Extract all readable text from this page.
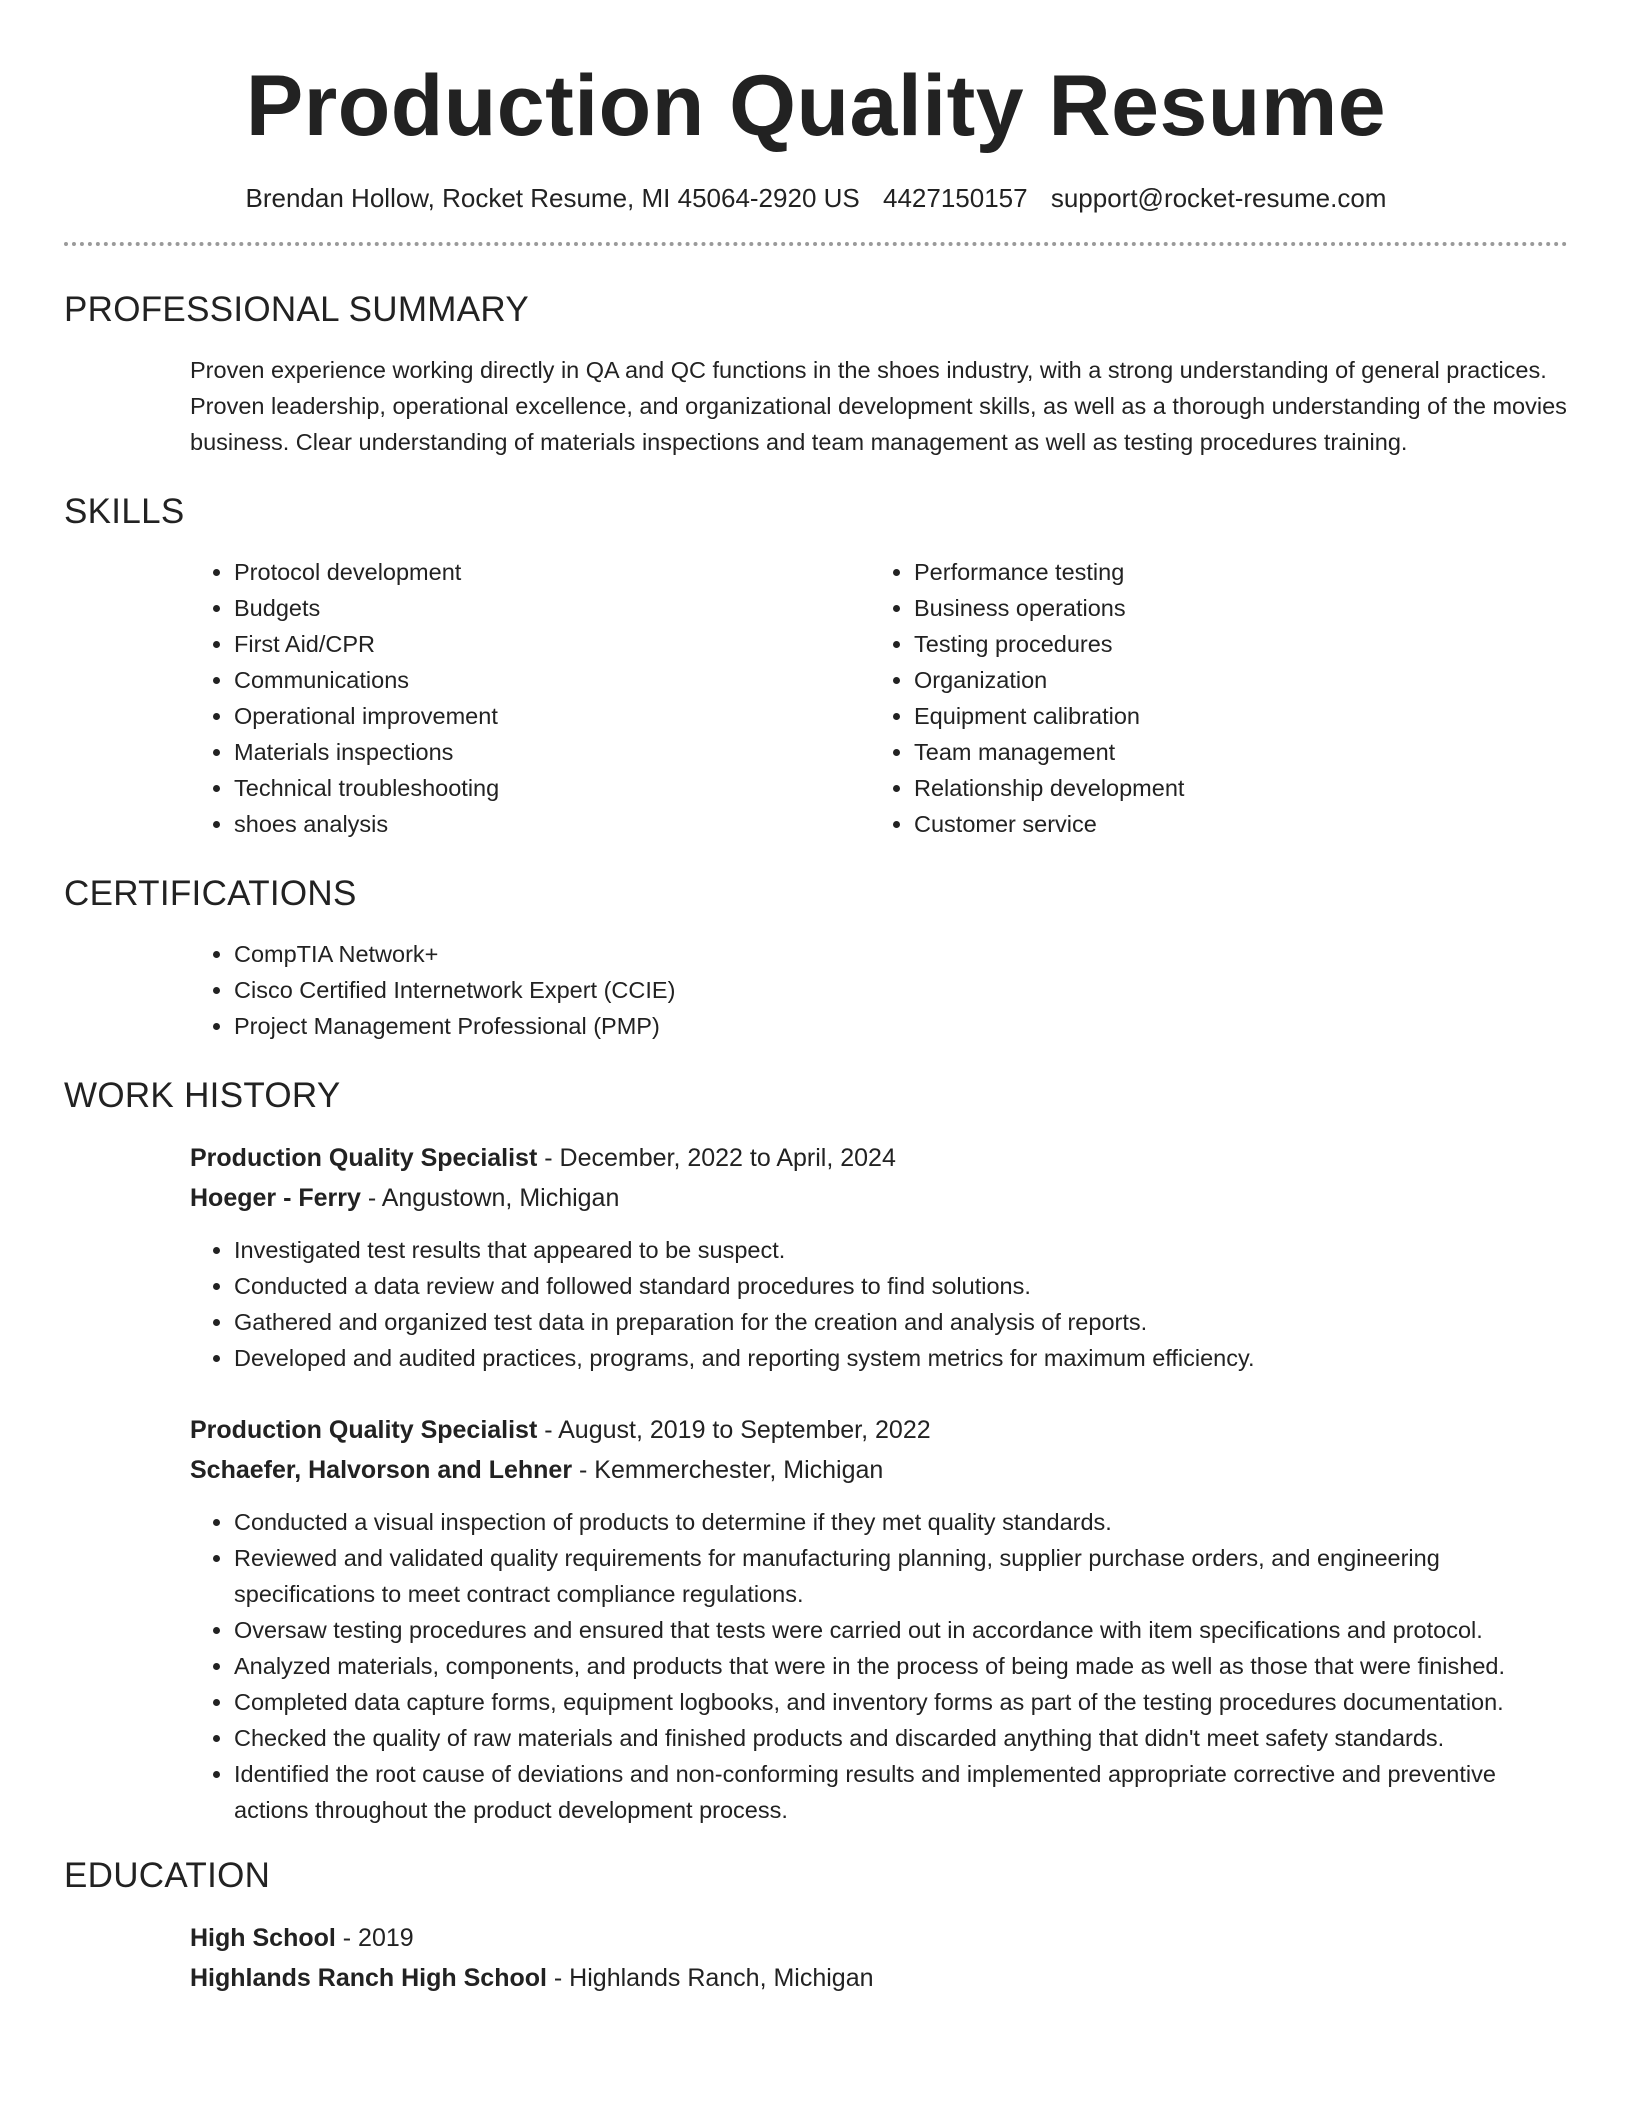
Production Quality Resume
Brendan Hollow, Rocket Resume, MI 45064-2920 US 4427150157 support@rocket-resume.com
PROFESSIONAL SUMMARY
Proven experience working directly in QA and QC functions in the shoes industry, with a strong understanding of general practices. Proven leadership, operational excellence, and organizational development skills, as well as a thorough understanding of the movies business. Clear understanding of materials inspections and team management as well as testing procedures training.
SKILLS
• Protocol development
• Budgets
• First Aid/CPR
• Communications
• Operational improvement
• Materials inspections
• Technical troubleshooting
• shoes analysis
• Performance testing
• Business operations
• Testing procedures
• Organization
• Equipment calibration
• Team management
• Relationship development
• Customer service
CERTIFICATIONS
• CompTIA Network+
• Cisco Certified Internetwork Expert (CCIE)
• Project Management Professional (PMP)
WORK HISTORY
Production Quality Specialist - December, 2022 to April, 2024
Hoeger - Ferry - Angustown, Michigan
• Investigated test results that appeared to be suspect.
• Conducted a data review and followed standard procedures to find solutions.
• Gathered and organized test data in preparation for the creation and analysis of reports.
• Developed and audited practices, programs, and reporting system metrics for maximum efficiency.
Production Quality Specialist - August, 2019 to September, 2022
Schaefer, Halvorson and Lehner - Kemmerchester, Michigan
• Conducted a visual inspection of products to determine if they met quality standards.
• Reviewed and validated quality requirements for manufacturing planning, supplier purchase orders, and engineering specifications to meet contract compliance regulations.
• Oversaw testing procedures and ensured that tests were carried out in accordance with item specifications and protocol.
• Analyzed materials, components, and products that were in the process of being made as well as those that were finished.
• Completed data capture forms, equipment logbooks, and inventory forms as part of the testing procedures documentation.
• Checked the quality of raw materials and finished products and discarded anything that didn't meet safety standards.
• Identified the root cause of deviations and non-conforming results and implemented appropriate corrective and preventive actions throughout the product development process.
EDUCATION
High School - 2019
Highlands Ranch High School - Highlands Ranch, Michigan
